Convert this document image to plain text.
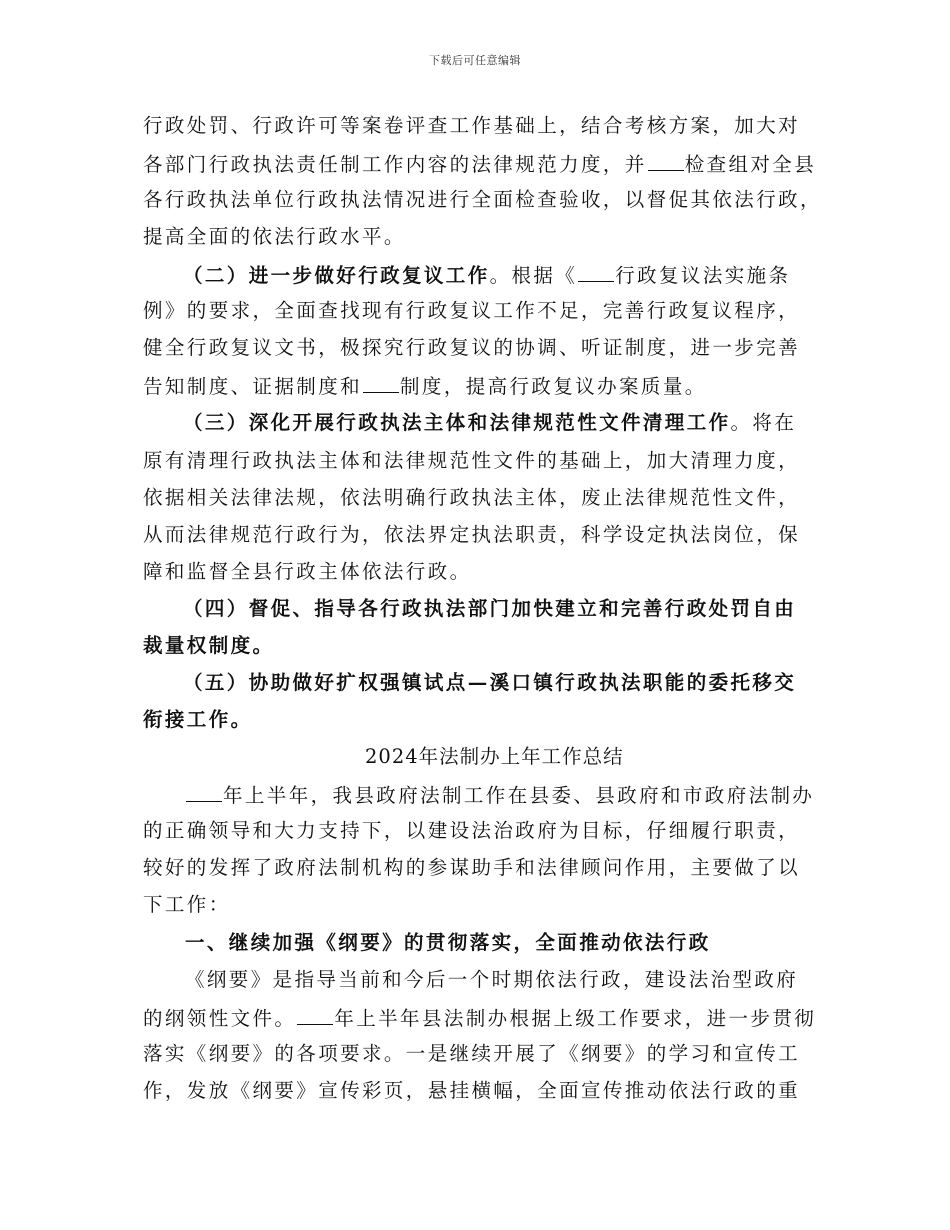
下载后可任意编辑
行政处罚、行政许可等案卷评查工作基础上，结合考核方案，加大对
各部门行政执法责任制工作内容的法律规范力度，并 检查组对全县
各行政执法单位行政执法情况进行全面检查验收，以督促其依法行政，
提高全面的依法行政水平。
（二）进一步做好行政复议工作。根据《 行政复议法实施条
例》的要求，全面查找现有行政复议工作不足，完善行政复议程序，
健全行政复议文书，极探究行政复议的协调、听证制度，进一步完善
告知制度、证据制度和 制度，提高行政复议办案质量。
（三）深化开展行政执法主体和法律规范性文件清理工作。将在
原有清理行政执法主体和法律规范性文件的基础上，加大清理力度，
依据相关法律法规，依法明确行政执法主体，废止法律规范性文件，
从而法律规范行政行为，依法界定执法职责，科学设定执法岗位，保
障和监督全县行政主体依法行政。
（四）督促、指导各行政执法部门加快建立和完善行政处罚自由
裁量权制度。
（五）协助做好扩权强镇试点—溪口镇行政执法职能的委托移交
衔接工作。
2024年法制办上年工作总结
年上半年，我县政府法制工作在县委、县政府和市政府法制办
的正确领导和大力支持下，以建设法治政府为目标，仔细履行职责，
较好的发挥了政府法制机构的参谋助手和法律顾问作用，主要做了以
下工作：
一、继续加强《纲要》的贯彻落实，全面推动依法行政
《纲要》是指导当前和今后一个时期依法行政，建设法治型政府
的纲领性文件。 年上半年县法制办根据上级工作要求，进一步贯彻
落实《纲要》的各项要求。一是继续开展了《纲要》的学习和宣传工
作，发放《纲要》宣传彩页，悬挂横幅，全面宣传推动依法行政的重
